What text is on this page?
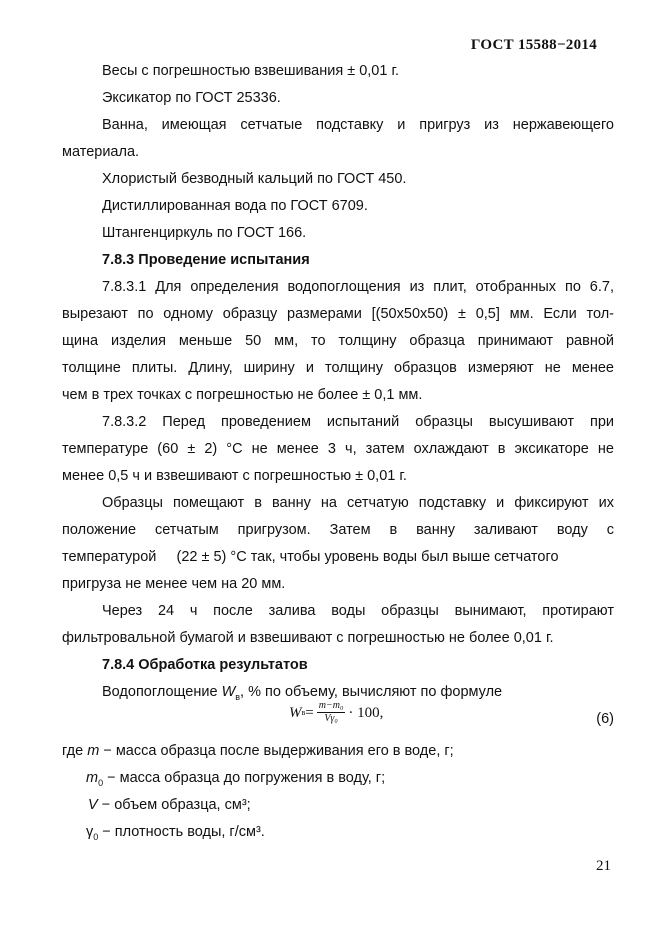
ГОСТ 15588−2014
Весы с погрешностью взвешивания ± 0,01 г.
Эксикатор по ГОСТ 25336.
Ванна, имеющая сетчатые подставку и пригруз из нержавеющего
материала.
Хлористый безводный кальций по ГОСТ 450.
Дистиллированная вода по ГОСТ 6709.
Штангенциркуль по ГОСТ 166.
7.8.3 Проведение испытания
7.8.3.1 Для определения водопоглощения из плит, отобранных по 6.7,
вырезают по одному образцу размерами [(50x50x50) ± 0,5] мм. Если тол-
щина изделия меньше 50 мм, то толщину образца принимают равной
толщине плиты. Длину, ширину и толщину образцов измеряют не менее
чем в трех точках с погрешностью не более ± 0,1 мм.
7.8.3.2 Перед проведением испытаний образцы высушивают при
температуре (60 ± 2) °С не менее 3 ч, затем охлаждают в эксикаторе не
менее 0,5 ч и взвешивают с погрешностью ± 0,01 г.
Образцы помещают в ванну на сетчатую подставку и фиксируют их
положение сетчатым пригрузом. Затем в ванну заливают воду с
температурой     (22 ± 5) °С так, чтобы уровень воды был выше сетчатого
пригруза не менее чем на 20 мм.
Через 24 ч после залива воды образцы вынимают, протирают
фильтровальной бумагой и взвешивают с погрешностью не более 0,01 г.
7.8.4 Обработка результатов
Водопоглощение $W_в$, % по объему, вычисляют по формуле
W $в = \frac{\text{m−m₀}}{\text{Vγ₀}} \cdot 100$,	(6)
где m − масса образца после выдерживания его в воде, г;
$m_0$ − масса образца до погружения в воду, г;
V − объем образца, см³;
$\gamma_0$ − плотность воды, г/см³.
21
